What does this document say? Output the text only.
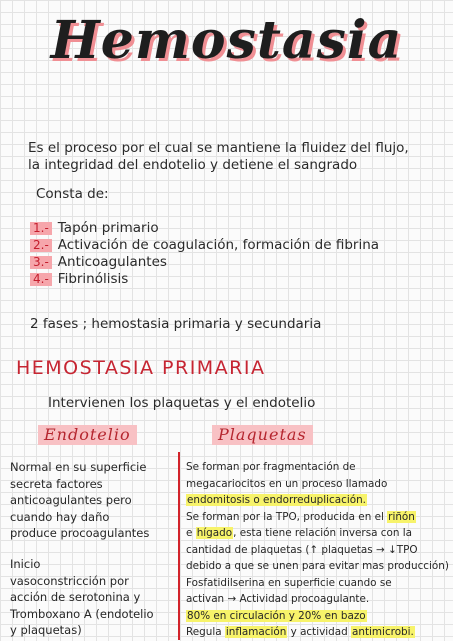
Hemostasia
Es el proceso por el cual se mantiene la fluidez del flujo,
la integridad del endotelio y detiene el sangrado
Consta de:
1.- Tapón primario
2.- Activación de coagulación, formación de fibrina
3.- Anticoagulantes
4.- Fibrinólisis
2 fases ; hemostasia primaria y secundaria
HEMOSTASIA PRIMARIA
Intervienen los plaquetas y el endotelio
Endotelio	Plaquetas
Normal en su superficie
secreta factores
anticoagulantes pero
cuando hay daño
produce procoagulantes
Inicio
vasoconstricción por
acción de serotonina y
Tromboxano A (endotelio
y plaquetas)
Se forman por fragmentación de
megacariocitos en un proceso llamado
endomitosis o endorreduplicación.
Se forman por la TPO, producida en el riñón
e hígado, esta tiene relación inversa con la
cantidad de plaquetas (↑ plaquetas → ↓TPO
debido a que se unen para evitar mas producción)
Fosfatidilserina en superficie cuando se
activan → Actividad procoagulante.
80% en circulación y 20% en bazo
Regula inflamación y actividad antimicrobi.
